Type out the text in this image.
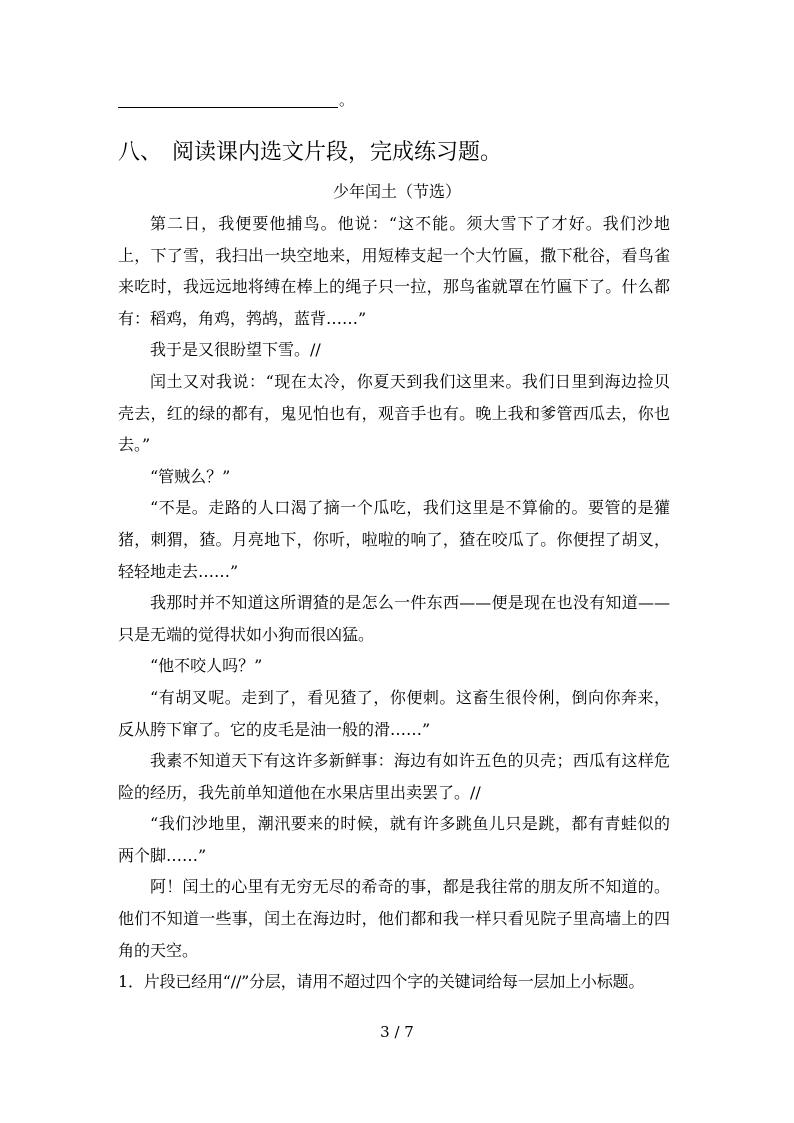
。
八、 阅读课内选文片段，完成练习题。
少年闰土（节选）

第二日，我便要他捕鸟。他说：“这不能。须大雪下了才好。我们沙地上，下了雪，我扫出一块空地来，用短棒支起一个大竹匾，撒下秕谷，看鸟雀来吃时，我远远地将缚在棒上的绳子只一拉，那鸟雀就罩在竹匾下了。什么都有：稻鸡，角鸡，鹁鸪，蓝背……”

我于是又很盼望下雪。//

闰土又对我说：“现在太冷，你夏天到我们这里来。我们日里到海边捡贝壳去，红的绿的都有，鬼见怕也有，观音手也有。晚上我和爹管西瓜去，你也去。”

“管贼么？”

“不是。走路的人口渴了摘一个瓜吃，我们这里是不算偷的。要管的是獾猪，刺猬，猹。月亮地下，你听，啦啦的响了，猹在咬瓜了。你便捏了胡叉，轻轻地走去……”

我那时并不知道这所谓猹的是怎么一件东西——便是现在也没有知道——只是无端的觉得状如小狗而很凶猛。

“他不咬人吗？”

“有胡叉呢。走到了，看见猹了，你便刺。这畜生很伶俐，倒向你奔来，反从胯下窜了。它的皮毛是油一般的滑……”

我素不知道天下有这许多新鲜事：海边有如许五色的贝壳；西瓜有这样危险的经历，我先前单知道他在水果店里出卖罢了。//

“我们沙地里，潮汛要来的时候，就有许多跳鱼儿只是跳，都有青蛙似的两个脚……”

阿！闰土的心里有无穷无尽的希奇的事，都是我往常的朋友所不知道的。他们不知道一些事，闰土在海边时，他们都和我一样只看见院子里高墙上的四角的天空。

1．片段已经用“//”分层，请用不超过四个字的关键词给每一层加上小标题。

3 / 7
